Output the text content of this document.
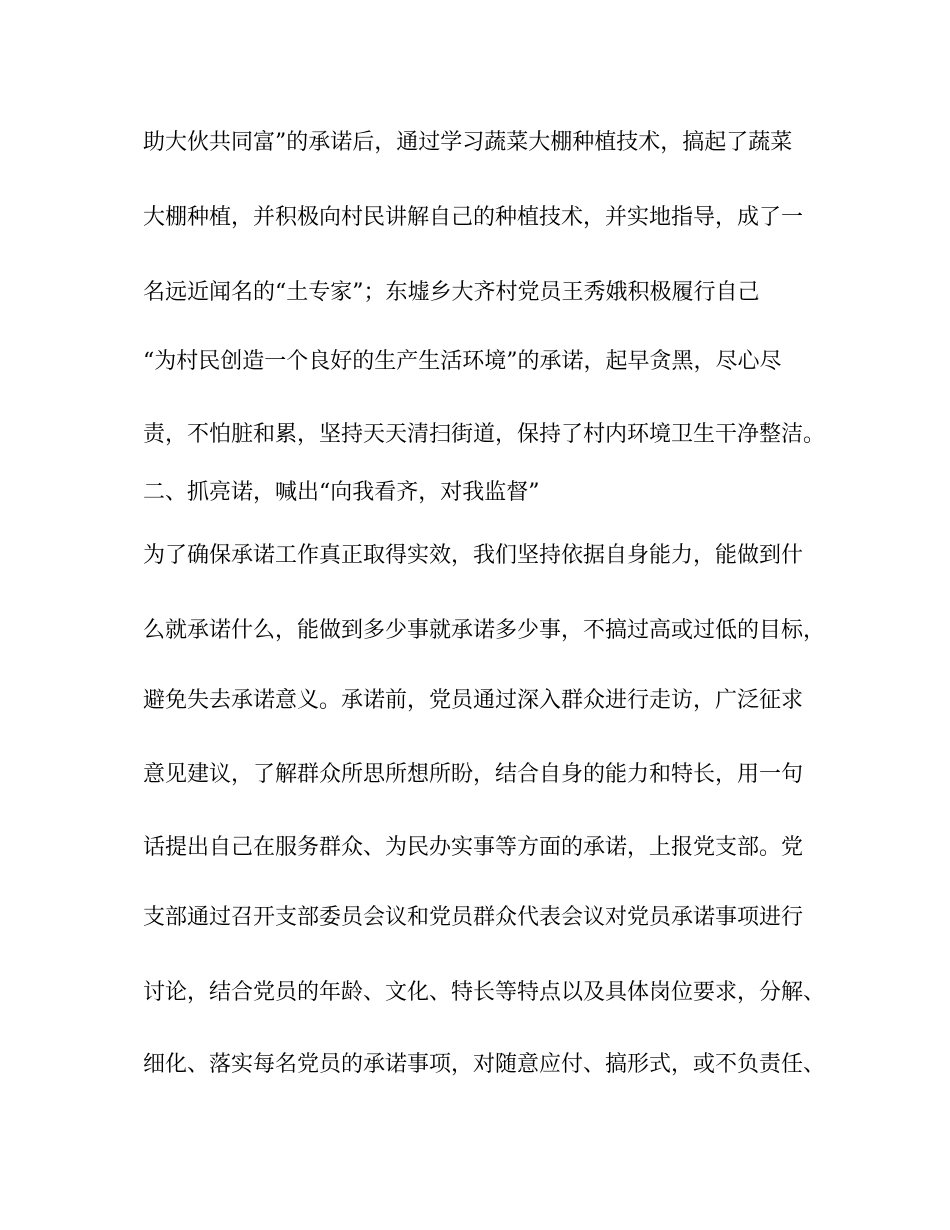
助大伙共同富”的承诺后，通过学习蔬菜大棚种植技术，搞起了蔬菜
大棚种植，并积极向村民讲解自己的种植技术，并实地指导，成了一
名远近闻名的“土专家”；东墟乡大齐村党员王秀娥积极履行自己
“为村民创造一个良好的生产生活环境”的承诺，起早贪黑，尽心尽
责，不怕脏和累，坚持天天清扫街道，保持了村内环境卫生干净整洁。
二、抓亮诺，喊出“向我看齐，对我监督”
为了确保承诺工作真正取得实效，我们坚持依据自身能力，能做到什
么就承诺什么，能做到多少事就承诺多少事，不搞过高或过低的目标，
避免失去承诺意义。承诺前，党员通过深入群众进行走访，广泛征求
意见建议，了解群众所思所想所盼，结合自身的能力和特长，用一句
话提出自己在服务群众、为民办实事等方面的承诺，上报党支部。党
支部通过召开支部委员会议和党员群众代表会议对党员承诺事项进行
讨论，结合党员的年龄、文化、特长等特点以及具体岗位要求，分解、
细化、落实每名党员的承诺事项，对随意应付、搞形式，或不负责任、
